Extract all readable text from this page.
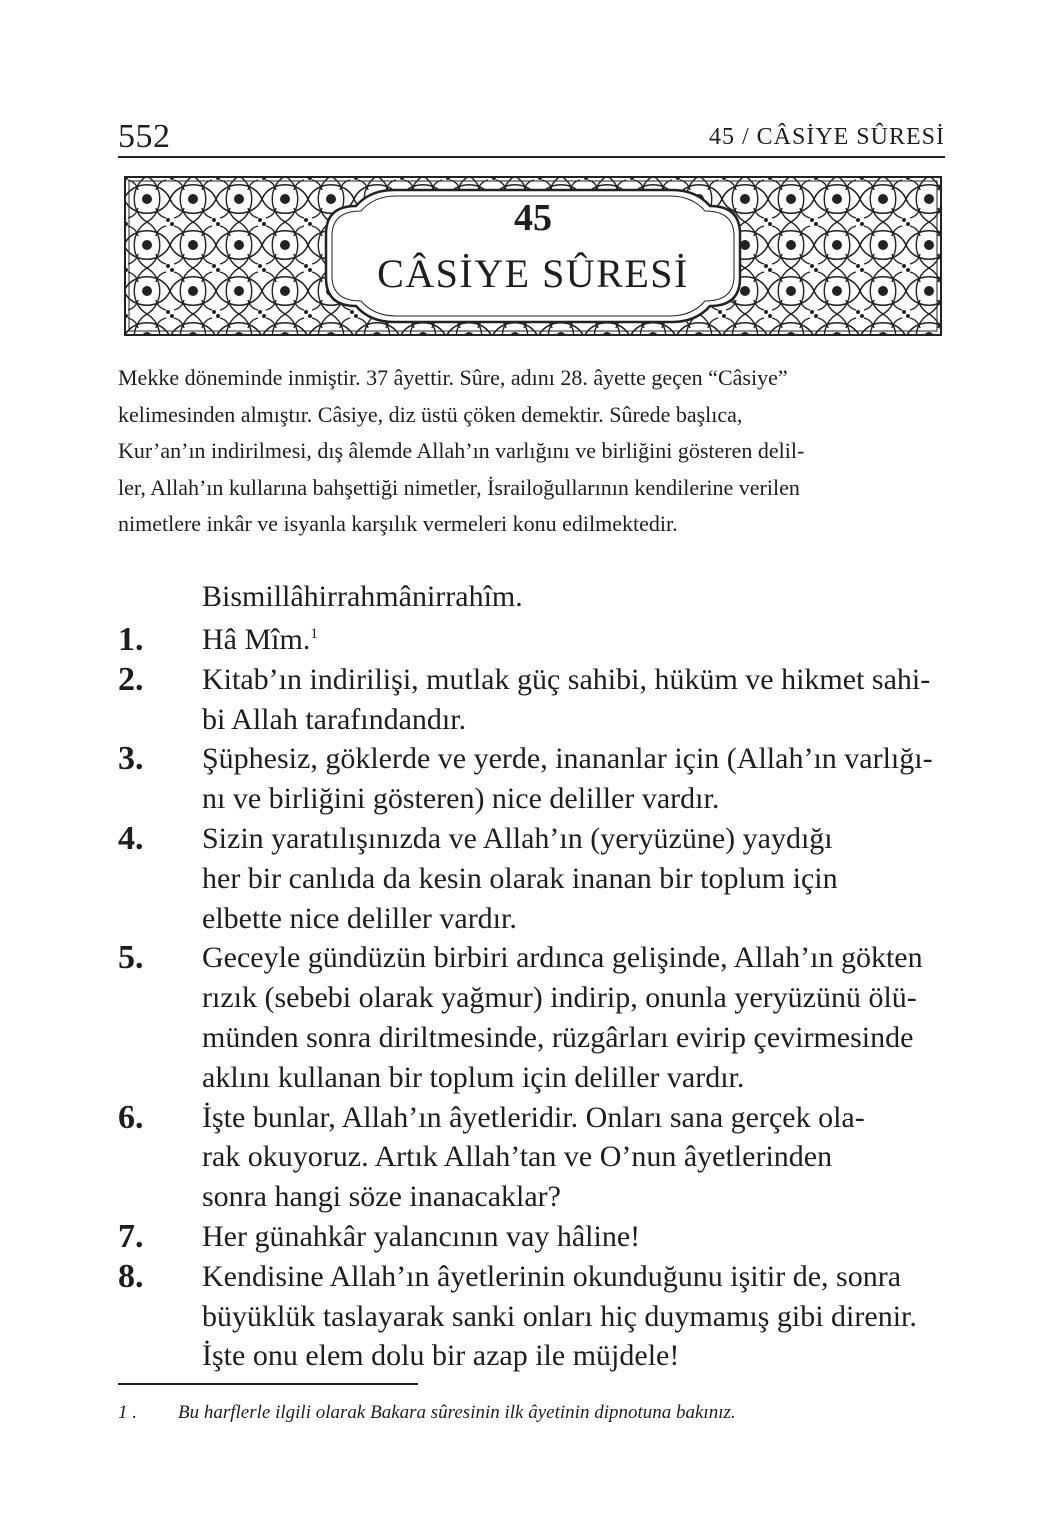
552	45 / CÂSİYE SÛRESİ
45
CÂSİYE SÛRESİ
Mekke döneminde inmiştir. 37 âyettir. Sûre, adını 28. âyette geçen “Câsiye”
kelimesinden almıştır. Câsiye, diz üstü çöken demektir. Sûrede başlıca,
Kur’an’ın indirilmesi, dış âlemde Allah’ın varlığını ve birliğini gösteren delil-
ler, Allah’ın kullarına bahşettiği nimetler, İsrailoğullarının kendilerine verilen
nimetlere inkâr ve isyanla karşılık vermeleri konu edilmektedir.
Bismillâhirrahmânirrahîm.
1.	Hâ Mîm.$^1$
2.	Kitab’ın indirilişi, mutlak güç sahibi, hüküm ve hikmet sahi-
bi Allah tarafındandır.
3.	Şüphesiz, göklerde ve yerde, inananlar için (Allah’ın varlığı-
nı ve birliğini gösteren) nice deliller vardır.
4.	Sizin yaratılışınızda ve Allah’ın (yeryüzüne) yaydığı
her bir canlıda da kesin olarak inanan bir toplum için
elbette nice deliller vardır.
5.	Geceyle gündüzün birbiri ardınca gelişinde, Allah’ın gökten
rızık (sebebi olarak yağmur) indirip, onunla yeryüzünü ölü-
münden sonra diriltmesinde, rüzgârları evirip çevirmesinde
aklını kullanan bir toplum için deliller vardır.
6.	İşte bunlar, Allah’ın âyetleridir. Onları sana gerçek ola-
rak okuyoruz. Artık Allah’tan ve O’nun âyetlerinden
sonra hangi söze inanacaklar?
7.	Her günahkâr yalancının vay hâline!
8.	Kendisine Allah’ın âyetlerinin okunduğunu işitir de, sonra
büyüklük taslayarak sanki onları hiç duymamış gibi direnir.
İşte onu elem dolu bir azap ile müjdele!
1 . Bu harflerle ilgili olarak Bakara sûresinin ilk âyetinin dipnotuna bakınız.
